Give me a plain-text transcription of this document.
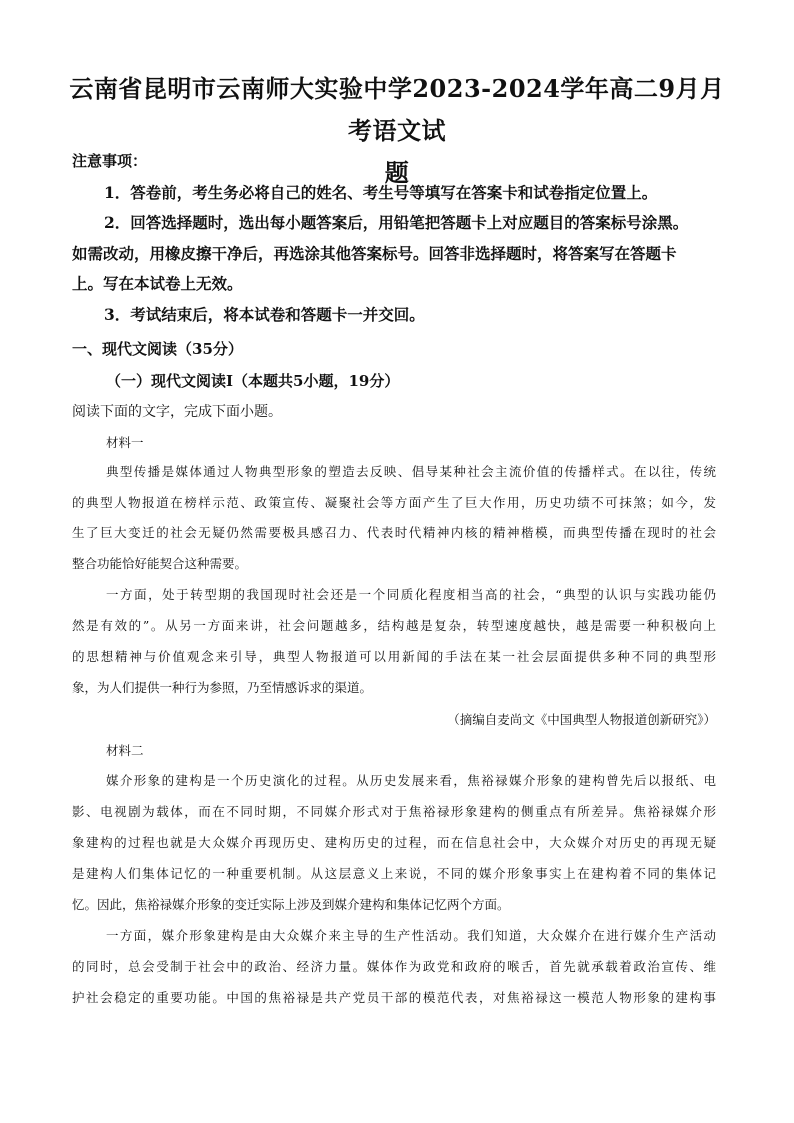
云南省昆明市云南师大实验中学2023-2024学年高二9月月考语文试
题
注意事项：
1．答卷前，考生务必将自己的姓名、考生号等填写在答案卡和试卷指定位置上。
2．回答选择题时，选出每小题答案后，用铅笔把答题卡上对应题目的答案标号涂黑。
如需改动，用橡皮擦干净后，再选涂其他答案标号。回答非选择题时，将答案写在答题卡
上。写在本试卷上无效。
3．考试结束后，将本试卷和答题卡一并交回。
一、现代文阅读（35分）
（一）现代文阅读Ⅰ（本题共5小题，19分）
阅读下面的文字，完成下面小题。
材料一
典型传播是媒体通过人物典型形象的塑造去反映、倡导某种社会主流价值的传播样式。在以往，传统
的典型人物报道在榜样示范、政策宣传、凝聚社会等方面产生了巨大作用，历史功绩不可抹煞；如今，发
生了巨大变迁的社会无疑仍然需要极具感召力、代表时代精神内核的精神楷模，而典型传播在现时的社会
整合功能恰好能契合这种需要。
一方面，处于转型期的我国现时社会还是一个同质化程度相当高的社会，“典型的认识与实践功能仍
然是有效的”。从另一方面来讲，社会问题越多，结构越是复杂，转型速度越快，越是需要一种积极向上
的思想精神与价值观念来引导，典型人物报道可以用新闻的手法在某一社会层面提供多种不同的典型形
象，为人们提供一种行为参照，乃至情感诉求的渠道。
（摘编自麦尚文《中国典型人物报道创新研究》）
材料二
媒介形象的建构是一个历史演化的过程。从历史发展来看，焦裕禄媒介形象的建构曾先后以报纸、电
影、电视剧为载体，而在不同时期，不同媒介形式对于焦裕禄形象建构的侧重点有所差异。焦裕禄媒介形
象建构的过程也就是大众媒介再现历史、建构历史的过程，而在信息社会中，大众媒介对历史的再现无疑
是建构人们集体记忆的一种重要机制。从这层意义上来说，不同的媒介形象事实上在建构着不同的集体记
忆。因此，焦裕禄媒介形象的变迁实际上涉及到媒介建构和集体记忆两个方面。
一方面，媒介形象建构是由大众媒介来主导的生产性活动。我们知道，大众媒介在进行媒介生产活动
的同时，总会受制于社会中的政治、经济力量。媒体作为政党和政府的喉舌，首先就承载着政治宣传、维
护社会稳定的重要功能。中国的焦裕禄是共产党员干部的模范代表，对焦裕禄这一模范人物形象的建构事
